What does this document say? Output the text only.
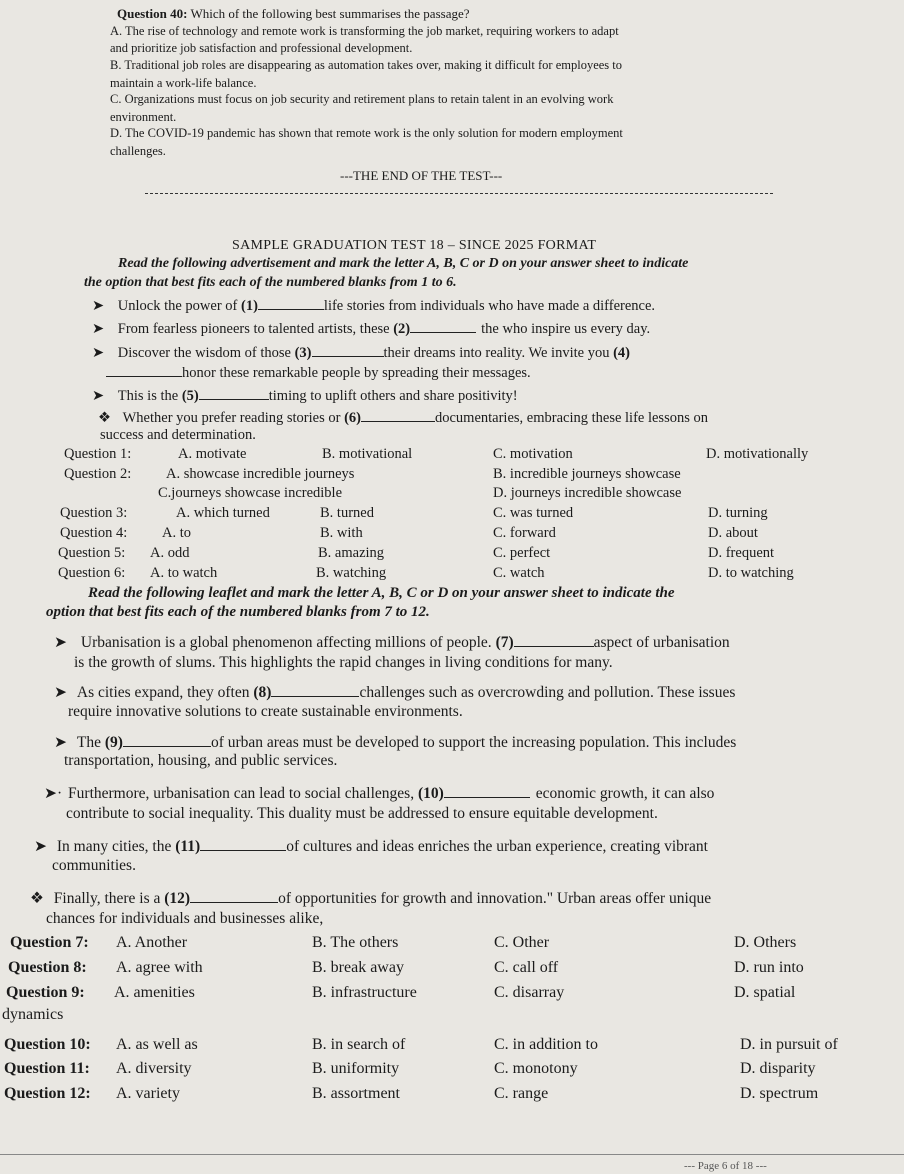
Question 40: Which of the following best summarises the passage?
A. The rise of technology and remote work is transforming the job market, requiring workers to adapt
and prioritize job satisfaction and professional development.
B. Traditional job roles are disappearing as automation takes over, making it difficult for employees to
maintain a work-life balance.
C. Organizations must focus on job security and retirement plans to retain talent in an evolving work
environment.
D. The COVID-19 pandemic has shown that remote work is the only solution for modern employment
challenges.
---THE END OF THE TEST---
SAMPLE GRADUATION TEST 18 – SINCE 2025 FORMAT
Read the following advertisement and mark the letter A, B, C or D on your answer sheet to indicate
the option that best fits each of the numbered blanks from 1 to 6.
➤ Unlock the power of (1)	life stories from individuals who have made a difference.
➤ From fearless pioneers to talented artists, these (2)	the who inspire us every day.
➤ Discover the wisdom of those (3)	their dreams into reality. We invite you (4)
honor these remarkable people by spreading their messages.
➤ This is the (5)	timing to uplift others and share positivity!
❖ Whether you prefer reading stories or (6)	documentaries, embracing these life lessons on
success and determination.
Question 1:	A. motivate	B. motivational	C. motivation	D. motivationally
Question 2: A. showcase incredible journeys	B. incredible journeys showcase
C.journeys showcase incredible	D. journeys incredible showcase
Question 3:	A. which turned	B. turned	C. was turned	D. turning
Question 4: A. to	B. with	C. forward	D. about
Question 5: A. odd	B. amazing	C. perfect	D. frequent
Question 6: A. to watch	B. watching	C. watch	D. to watching
Read the following leaflet and mark the letter A, B, C or D on your answer sheet to indicate the
option that best fits each of the numbered blanks from 7 to 12.
➤ Urbanisation is a global phenomenon affecting millions of people. (7)	aspect of urbanisation
is the growth of slums. This highlights the rapid changes in living conditions for many.
➤ As cities expand, they often (8)	challenges such as overcrowding and pollution. These issues
require innovative solutions to create sustainable environments.
➤ The (9)	of urban areas must be developed to support the increasing population. This includes
transportation, housing, and public services.
➤· Furthermore, urbanisation can lead to social challenges, (10)	economic growth, it can also
contribute to social inequality. This duality must be addressed to ensure equitable development.
➤ In many cities, the (11)	of cultures and ideas enriches the urban experience, creating vibrant
communities.
❖ Finally, there is a (12)	of opportunities for growth and innovation." Urban areas offer unique
chances for individuals and businesses alike,
Question 7: A. Another	B. The others	C. Other	D. Others
Question 8: A. agree with	B. break away	C. call off	D. run into
Question 9: A. amenities	B. infrastructure	C. disarray	D. spatial
dynamics
Question 10: A. as well as	B. in search of	C. in addition to	D. in pursuit of
Question 11: A. diversity	B. uniformity	C. monotony	D. disparity
Question 12: A. variety	B. assortment	C. range	D. spectrum
--- Page 6 of 18 ---
